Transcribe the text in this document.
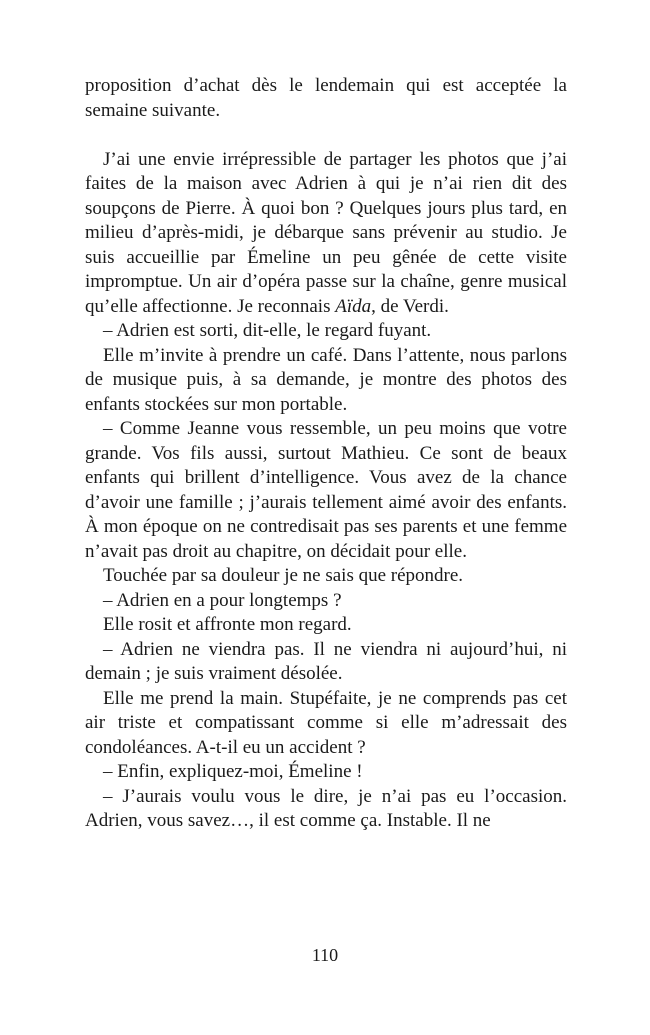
proposition d’achat dès le lendemain qui est acceptée la semaine suivante.

J’ai une envie irrépressible de partager les photos que j’ai faites de la maison avec Adrien à qui je n’ai rien dit des soupçons de Pierre. À quoi bon ? Quelques jours plus tard, en milieu d’après-midi, je débarque sans prévenir au studio. Je suis accueillie par Émeline un peu gênée de cette visite impromptue. Un air d’opéra passe sur la chaîne, genre musical qu’elle affectionne. Je reconnais Aïda, de Verdi.

– Adrien est sorti, dit-elle, le regard fuyant.

Elle m’invite à prendre un café. Dans l’attente, nous parlons de musique puis, à sa demande, je montre des photos des enfants stockées sur mon portable.

– Comme Jeanne vous ressemble, un peu moins que votre grande. Vos fils aussi, surtout Mathieu. Ce sont de beaux enfants qui brillent d’intelligence. Vous avez de la chance d’avoir une famille ; j’aurais tellement aimé avoir des enfants. À mon époque on ne contredisait pas ses parents et une femme n’avait pas droit au chapitre, on décidait pour elle.

Touchée par sa douleur je ne sais que répondre.

– Adrien en a pour longtemps ?

Elle rosit et affronte mon regard.

– Adrien ne viendra pas. Il ne viendra ni aujourd’hui, ni demain ; je suis vraiment désolée.

Elle me prend la main. Stupéfaite, je ne comprends pas cet air triste et compatissant comme si elle m’adressait des condoléances. A-t-il eu un accident ?

– Enfin, expliquez-moi, Émeline !

– J’aurais voulu vous le dire, je n’ai pas eu l’occasion. Adrien, vous savez…, il est comme ça. Instable. Il ne

110
